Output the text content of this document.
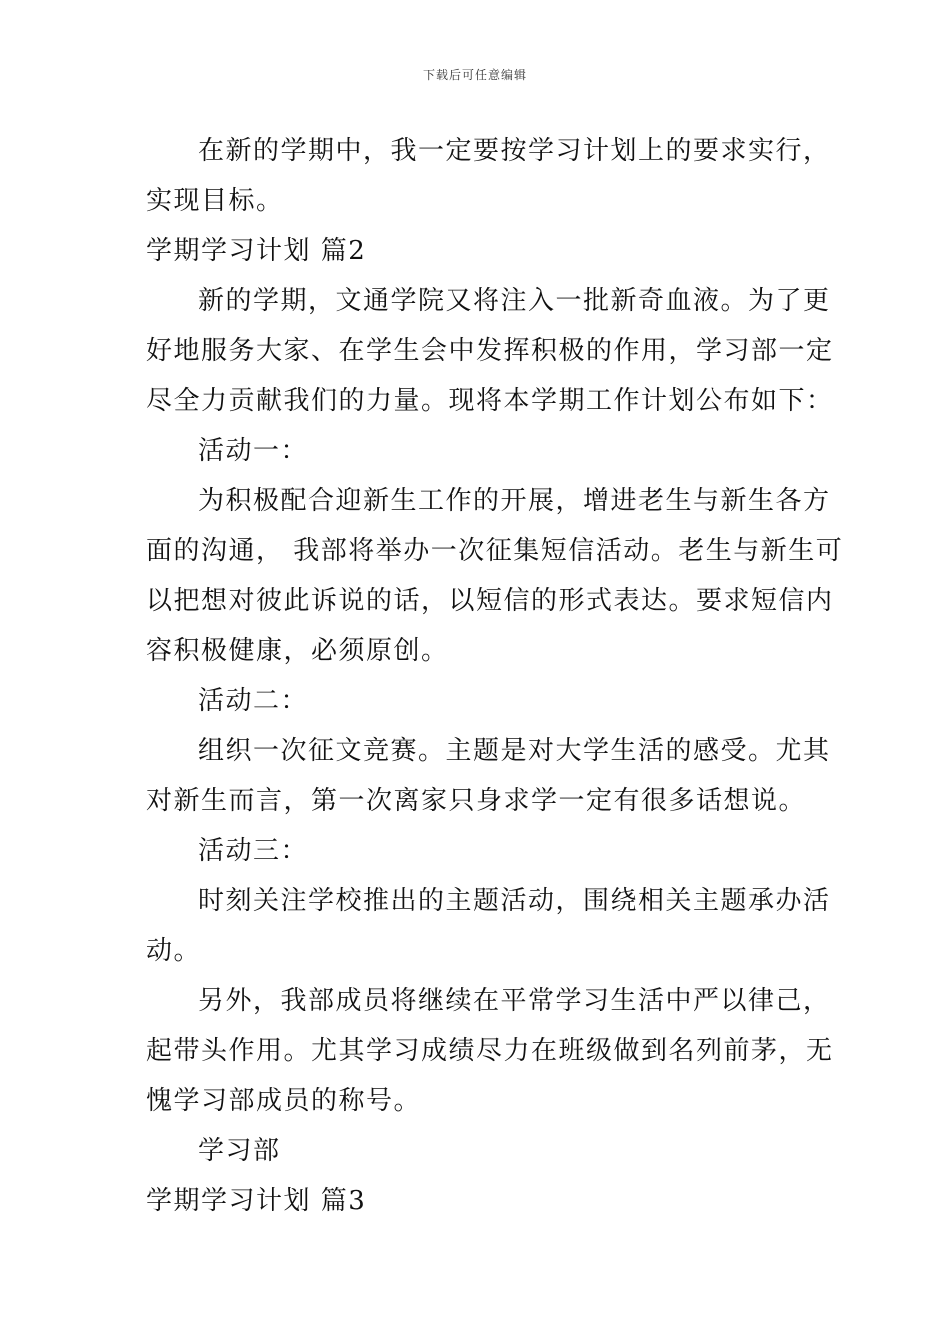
下载后可任意编辑
在新的学期中，我一定要按学习计划上的要求实行，
实现目标。
学期学习计划 篇2
新的学期，文通学院又将注入一批新奇血液。为了更
好地服务大家、在学生会中发挥积极的作用，学习部一定
尽全力贡献我们的力量。现将本学期工作计划公布如下：
活动一：
为积极配合迎新生工作的开展，增进老生与新生各方
面的沟通， 我部将举办一次征集短信活动。老生与新生可
以把想对彼此诉说的话，以短信的形式表达。要求短信内
容积极健康，必须原创。
活动二：
组织一次征文竞赛。主题是对大学生活的感受。尤其
对新生而言，第一次离家只身求学一定有很多话想说。
活动三：
时刻关注学校推出的主题活动，围绕相关主题承办活
动。
另外，我部成员将继续在平常学习生活中严以律己，
起带头作用。尤其学习成绩尽力在班级做到名列前茅，无
愧学习部成员的称号。
学习部
学期学习计划 篇3
